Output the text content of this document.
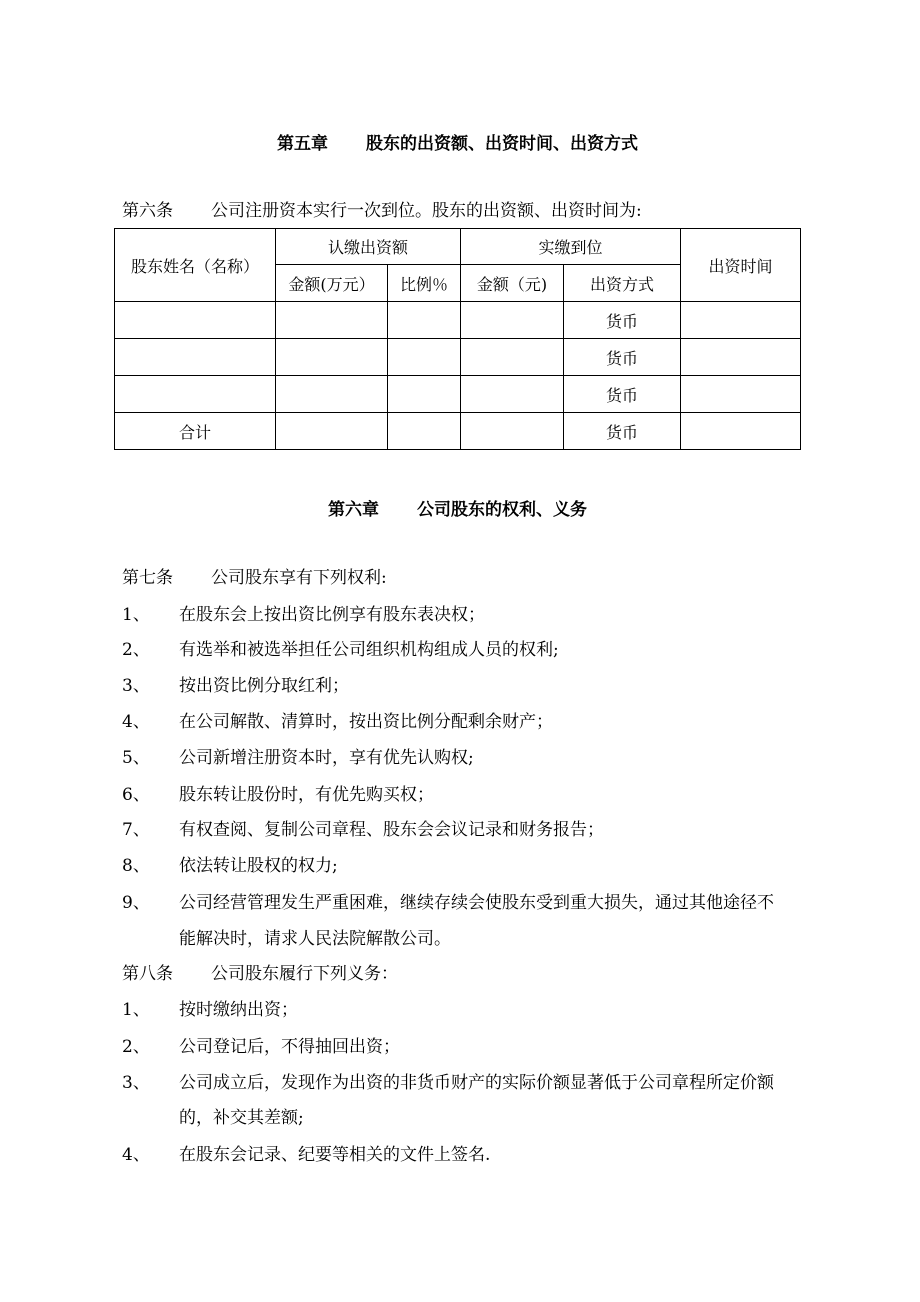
第五章 股东的出资额、出资时间、出资方式
第六条 公司注册资本实行一次到位。股东的出资额、出资时间为:
股东姓名（名称）	认缴出资额		实缴到位		出资时间
	金额(万元）	比例％	金额（元)	出资方式	
				货币	
				货币	
				货币	
合计				货币	
第六章 公司股东的权利、义务
第七条 公司股东享有下列权利:
1、 在股东会上按出资比例享有股东表决权；
2、 有选举和被选举担任公司组织机构组成人员的权利;
3、 按出资比例分取红利；
4、 在公司解散、清算时，按出资比例分配剩余财产；
5、 公司新增注册资本时，享有优先认购权;
6、 股东转让股份时，有优先购买权；
7、 有权查阅、复制公司章程、股东会会议记录和财务报告；
8、 依法转让股权的权力;
9、 公司经营管理发生严重困难，继续存续会使股东受到重大损失，通过其他途径不
能解决时，请求人民法院解散公司。
第八条 公司股东履行下列义务：
1、 按时缴纳出资；
2、 公司登记后，不得抽回出资；
3、 公司成立后，发现作为出资的非货币财产的实际价额显著低于公司章程所定价额
的，补交其差额;
4、 在股东会记录、纪要等相关的文件上签名.
